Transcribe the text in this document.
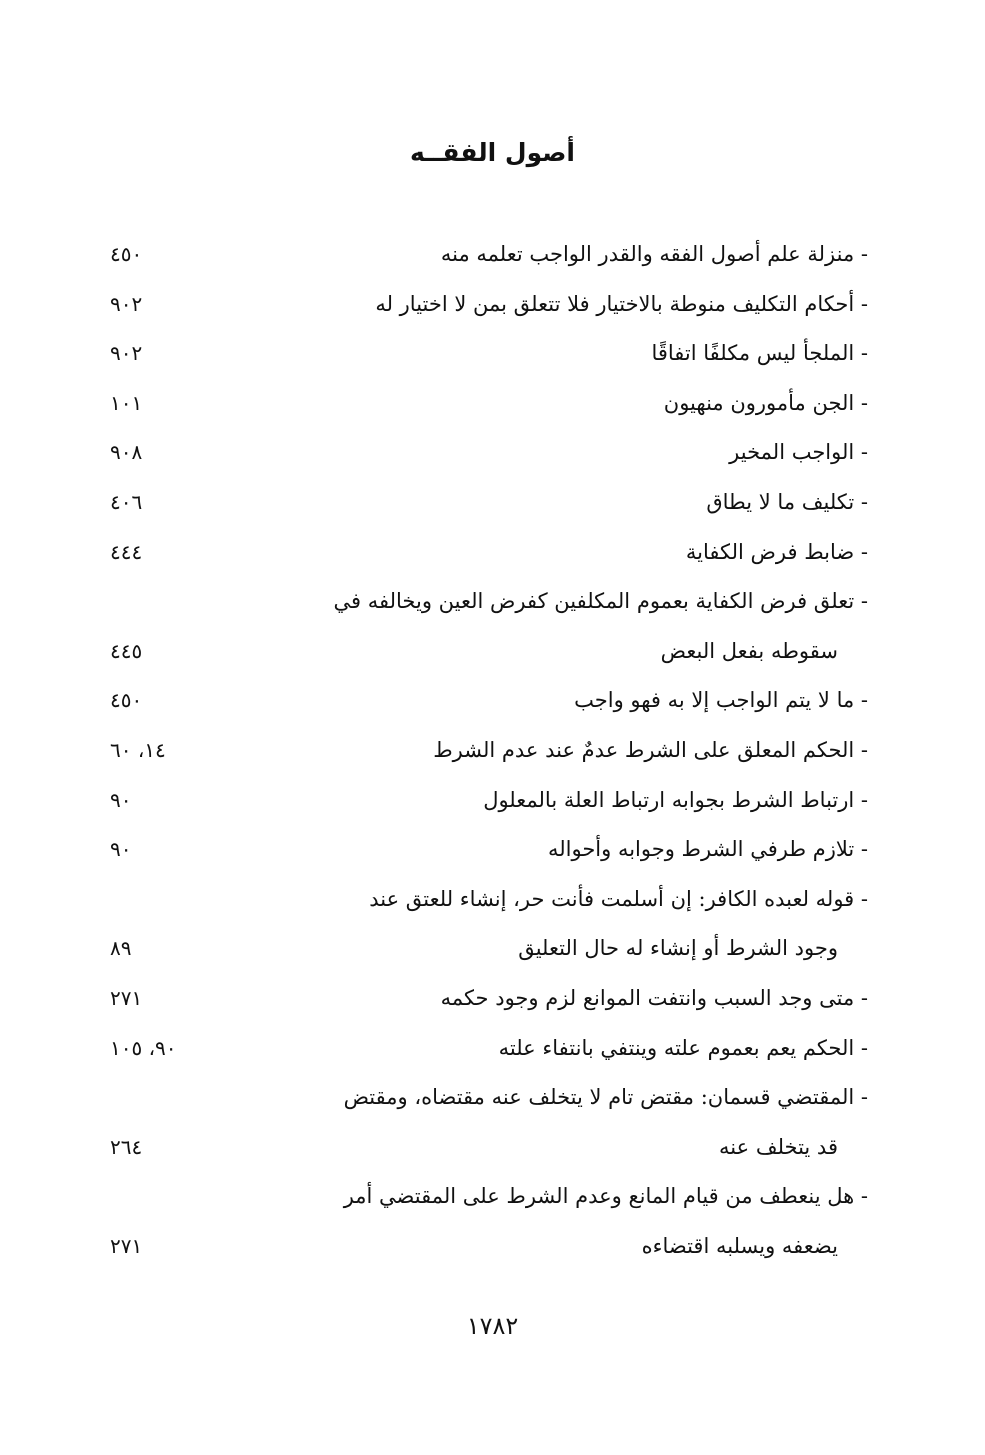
أصول الفقــه
- منزلة علم أصول الفقه والقدر الواجب تعلمه منه
٤٥٠
- أحكام التكليف منوطة بالاختيار فلا تتعلق بمن لا اختيار له
٩٠٢
- الملجأ ليس مكلفًا اتفاقًا
٩٠٢
- الجن مأمورون منهيون
١٠١
- الواجب المخير
٩٠٨
- تكليف ما لا يطاق
٤٠٦
- ضابط فرض الكفاية
٤٤٤
- تعلق فرض الكفاية بعموم المكلفين كفرض العين ويخالفه في
سقوطه بفعل البعض
٤٤٥
- ما لا يتم الواجب إلا به فهو واجب
٤٥٠
- الحكم المعلق على الشرط عدمٌ عند عدم الشرط
١٤، ٦٠
- ارتباط الشرط بجوابه ارتباط العلة بالمعلول
٩٠
- تلازم طرفي الشرط وجوابه وأحواله
٩٠
- قوله لعبده الكافر: إن أسلمت فأنت حر، إنشاء للعتق عند
وجود الشرط أو إنشاء له حال التعليق
٨٩
- متى وجد السبب وانتفت الموانع لزم وجود حكمه
٢٧١
- الحكم يعم بعموم علته وينتفي بانتفاء علته
٩٠، ١٠٥
- المقتضي قسمان: مقتض تام لا يتخلف عنه مقتضاه، ومقتض
قد يتخلف عنه
٢٦٤
- هل ينعطف من قيام المانع وعدم الشرط على المقتضي أمر
يضعفه ويسلبه اقتضاءه
٢٧١
١٧٨٢
